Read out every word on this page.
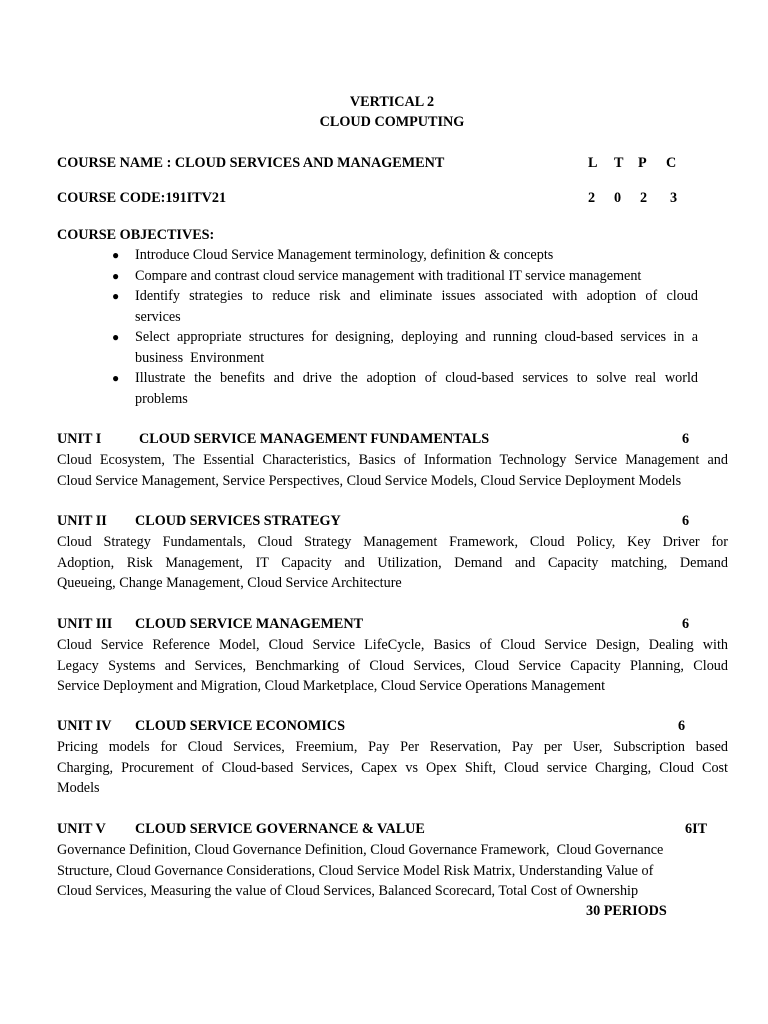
VERTICAL 2
CLOUD COMPUTING
COURSE NAME : CLOUD SERVICES AND MANAGEMENT	L T P C
COURSE CODE:191ITV21	2 0 2 3
COURSE OBJECTIVES:
● Introduce Cloud Service Management terminology, definition & concepts
● Compare and contrast cloud service management with traditional IT service management
● Identify strategies to reduce risk and eliminate issues associated with adoption of cloud
services
● Select appropriate structures for designing, deploying and running cloud-based services in a
business  Environment
● Illustrate the benefits and drive the adoption of cloud-based services to solve real world
problems
UNIT I	CLOUD SERVICE MANAGEMENT FUNDAMENTALS	6

Cloud Ecosystem, The Essential Characteristics, Basics of Information Technology Service Management and
Cloud Service Management, Service Perspectives, Cloud Service Models, Cloud Service Deployment Models

UNIT II CLOUD SERVICES STRATEGY	6

Cloud Strategy Fundamentals, Cloud Strategy Management Framework, Cloud Policy, Key Driver for
Adoption, Risk Management, IT Capacity and Utilization, Demand and Capacity matching, Demand
Queueing, Change Management, Cloud Service Architecture

UNIT III CLOUD SERVICE MANAGEMENT	6

Cloud Service Reference Model, Cloud Service LifeCycle, Basics of Cloud Service Design, Dealing with
Legacy Systems and Services, Benchmarking of Cloud Services, Cloud Service Capacity Planning, Cloud
Service Deployment and Migration, Cloud Marketplace, Cloud Service Operations Management

UNIT IV CLOUD SERVICE ECONOMICS	6

Pricing models for Cloud Services, Freemium, Pay Per Reservation, Pay per User, Subscription based
Charging, Procurement of Cloud-based Services, Capex vs Opex Shift, Cloud service Charging, Cloud Cost
Models

UNIT V CLOUD SERVICE GOVERNANCE & VALUE	6IT

Governance Definition, Cloud Governance Definition, Cloud Governance Framework,  Cloud Governance
Structure, Cloud Governance Considerations, Cloud Service Model Risk Matrix, Understanding Value of
Cloud Services, Measuring the value of Cloud Services, Balanced Scorecard, Total Cost of Ownership

30 PERIODS
